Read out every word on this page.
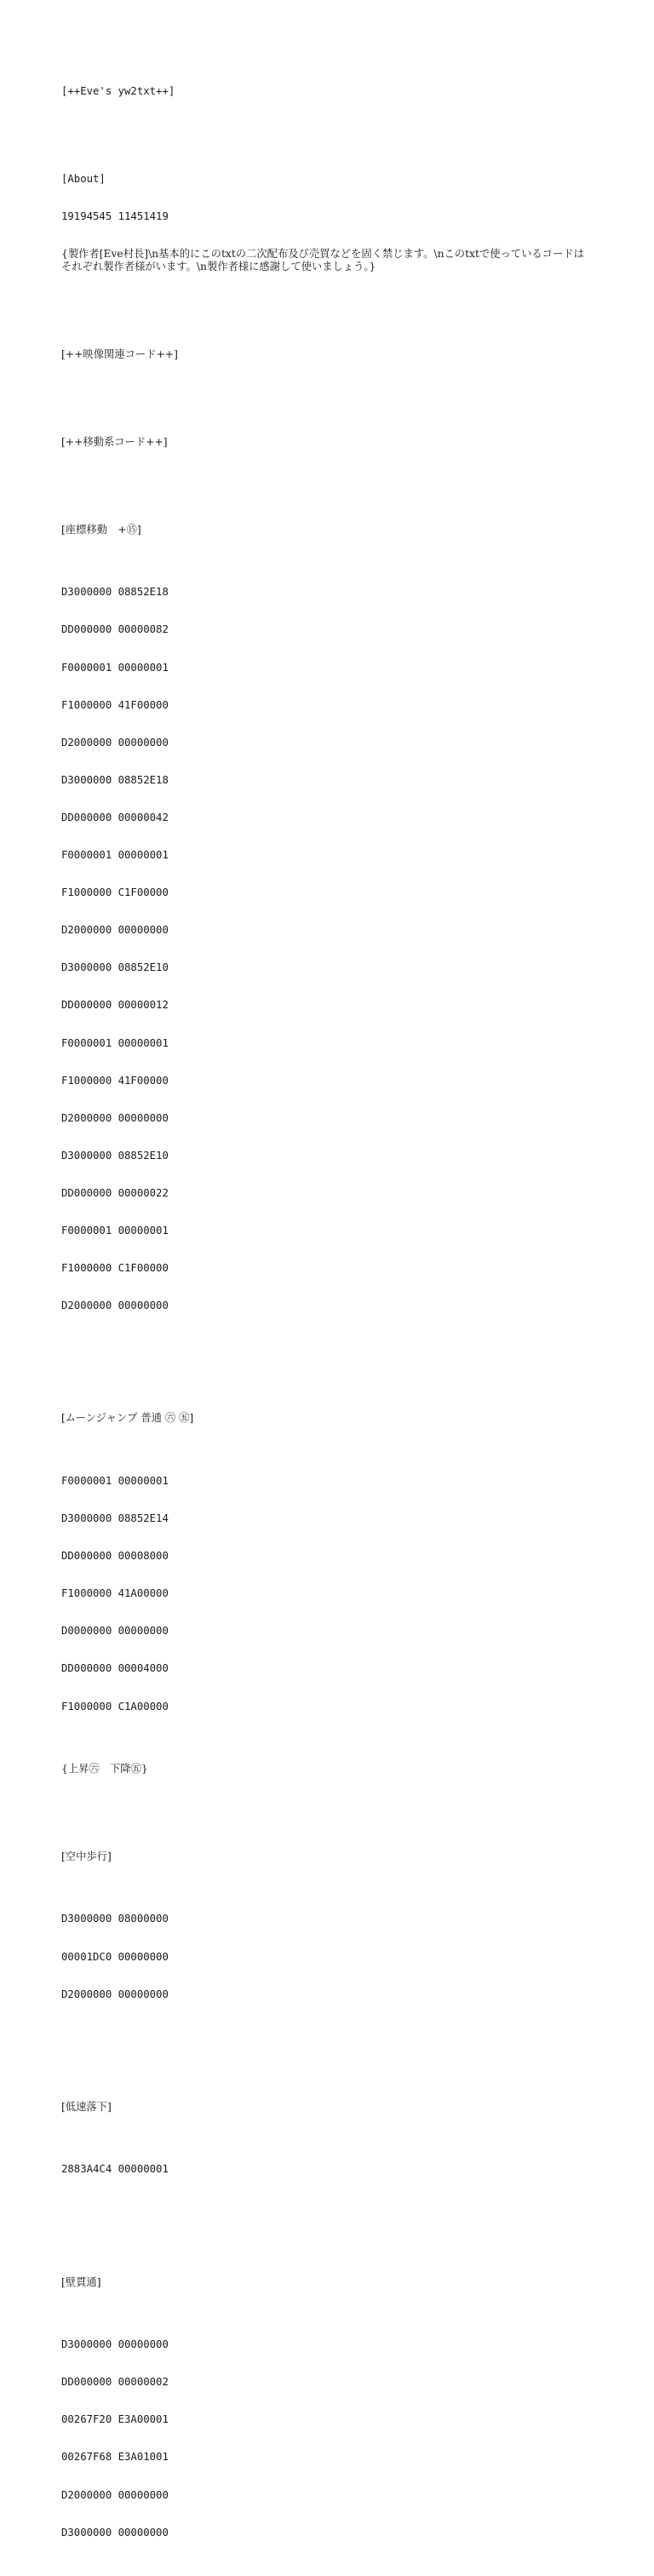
[++Eve's yw2txt++]

[About]

19194545 11451419

{製作者[Eve村長]\n基本的にこのtxtの二次配布及び売買などを固く禁じます。\nこのtxtで使っているコードはそれぞれ製作者様がいます。\n製作者様に感謝して使いましょう。}

[++映像関連コード++]

[++移動系コード++]

[座標移動　+⑮]

D3000000 08852E18

DD000000 00000082

F0000001 00000001

F1000000 41F00000

D2000000 00000000

D3000000 08852E18

DD000000 00000042

F0000001 00000001

F1000000 C1F00000

D2000000 00000000

D3000000 08852E10

DD000000 00000012

F0000001 00000001

F1000000 41F00000

D2000000 00000000

D3000000 08852E10

DD000000 00000022

F0000001 00000001

F1000000 C1F00000

D2000000 00000000

[ムーンジャンプ 普通 ㊅ ㊄]

F0000001 00000001

D3000000 08852E14

DD000000 00008000

F1000000 41A00000

D0000000 00000000

DD000000 00004000

F1000000 C1A00000

{上昇㊅　下降㊄}

[空中歩行]

D3000000 08000000

00001DC0 00000000

D2000000 00000000

[低速落下]

2883A4C4 00000001

[壁貫通]

D3000000 00000000

DD000000 00000002

00267F20 E3A00001

00267F68 E3A01001

D2000000 00000000

D3000000 00000000
